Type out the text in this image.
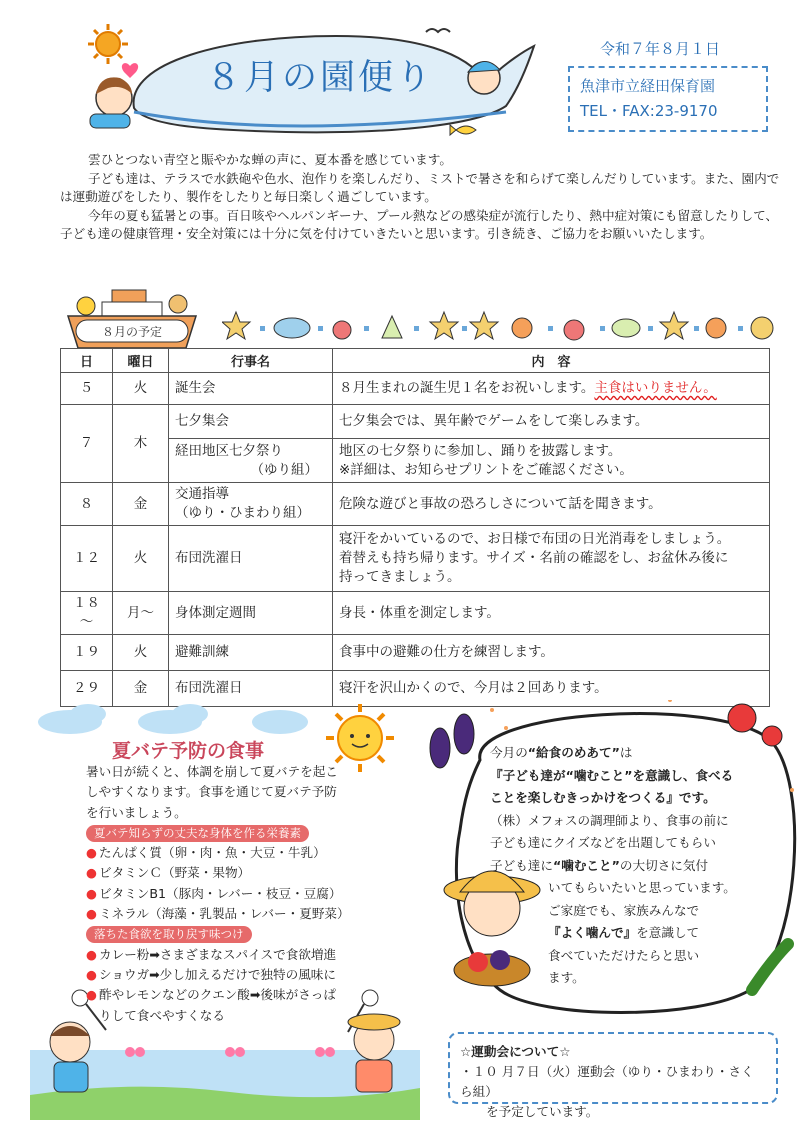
８月の園便り
令和７年８月１日
魚津市立経田保育園
TEL・FAX:23-9170

雲ひとつない青空と賑やかな蝉の声に、夏本番を感じています。

子ども達は、テラスで水鉄砲や色水、泡作りを楽しんだり、ミストで暑さを和らげて楽しんだりしています。また、園内では運動遊びをしたり、製作をしたりと毎日楽しく過ごしています。

今年の夏も猛暑との事。百日咳やヘルパンギーナ、プール熱などの感染症が流行したり、熱中症対策にも留意したりして、子ども達の健康管理・安全対策には十分に気を付けていきたいと思います。引き続き、ご協力をお願いいたします。

８月の予定
日	曜日	行事名	内　容
５	火	誕生会	８月生まれの誕生児１名をお祝いします。主食はいりません。
７	木	七夕集会	七夕集会では、異年齢でゲームをして楽しみます。

		経田地区七夕祭り
（ゆり組）	地区の七夕祭りに参加し、踊りを披露します。
※詳細は、お知らせプリントをご確認ください。

８	金	交通指導
（ゆり・ひまわり組）	危険な遊びと事故の恐ろしさについて話を聞きます。
１２	火	布団洗濯日	寝汗をかいているので、お日様で布団の日光消毒をしましょう。
着替えも持ち帰ります。サイズ・名前の確認をし、お盆休み後に
持ってきましょう。

１８～	月～	身体測定週間	身長・体重を測定します。
１９	火	避難訓練	食事中の避難の仕方を練習します。
２９	金	布団洗濯日	寝汗を沢山かくので、今月は２回あります。
夏バテ予防の食事
暑い日が続くと、体調を崩して夏バテを起こ
しやすくなります。食事を通じて夏バテ予防
を行いましょう。
夏バテ知らずの丈夫な身体を作る栄養素
● たんぱく質（卵・肉・魚・大豆・牛乳）
● ビタミンＣ（野菜・果物）
● ビタミンB1（豚肉・レバー・枝豆・豆腐）
● ミネラル（海藻・乳製品・レバー・夏野菜）
落ちた食欲を取り戻す味つけ
● カレー粉➡さまざまなスパイスで食欲増進
● ショウガ➡少し加えるだけで独特の風味に
● 酢やレモンなどのクエン酸➡後味がさっぱ
りして食べやすくなる
今月の“給食のめあて”は
『子ども達が“噛むこと”を意識し、食べる
ことを楽しむきっかけをつくる』です。
（株）メフォスの調理師より、食事の前に
子ども達にクイズなどを出題してもらい
子ども達に“噛むこと”の大切さに気付
いてもらいたいと思っています。
ご家庭でも、家族みんなで
『よく噛んで』を意識して
食べていただけたらと思い
ます。
☆運動会について☆
・１０ 月７日（火）運動会（ゆり・ひまわり・さくら組）
を予定しています。
